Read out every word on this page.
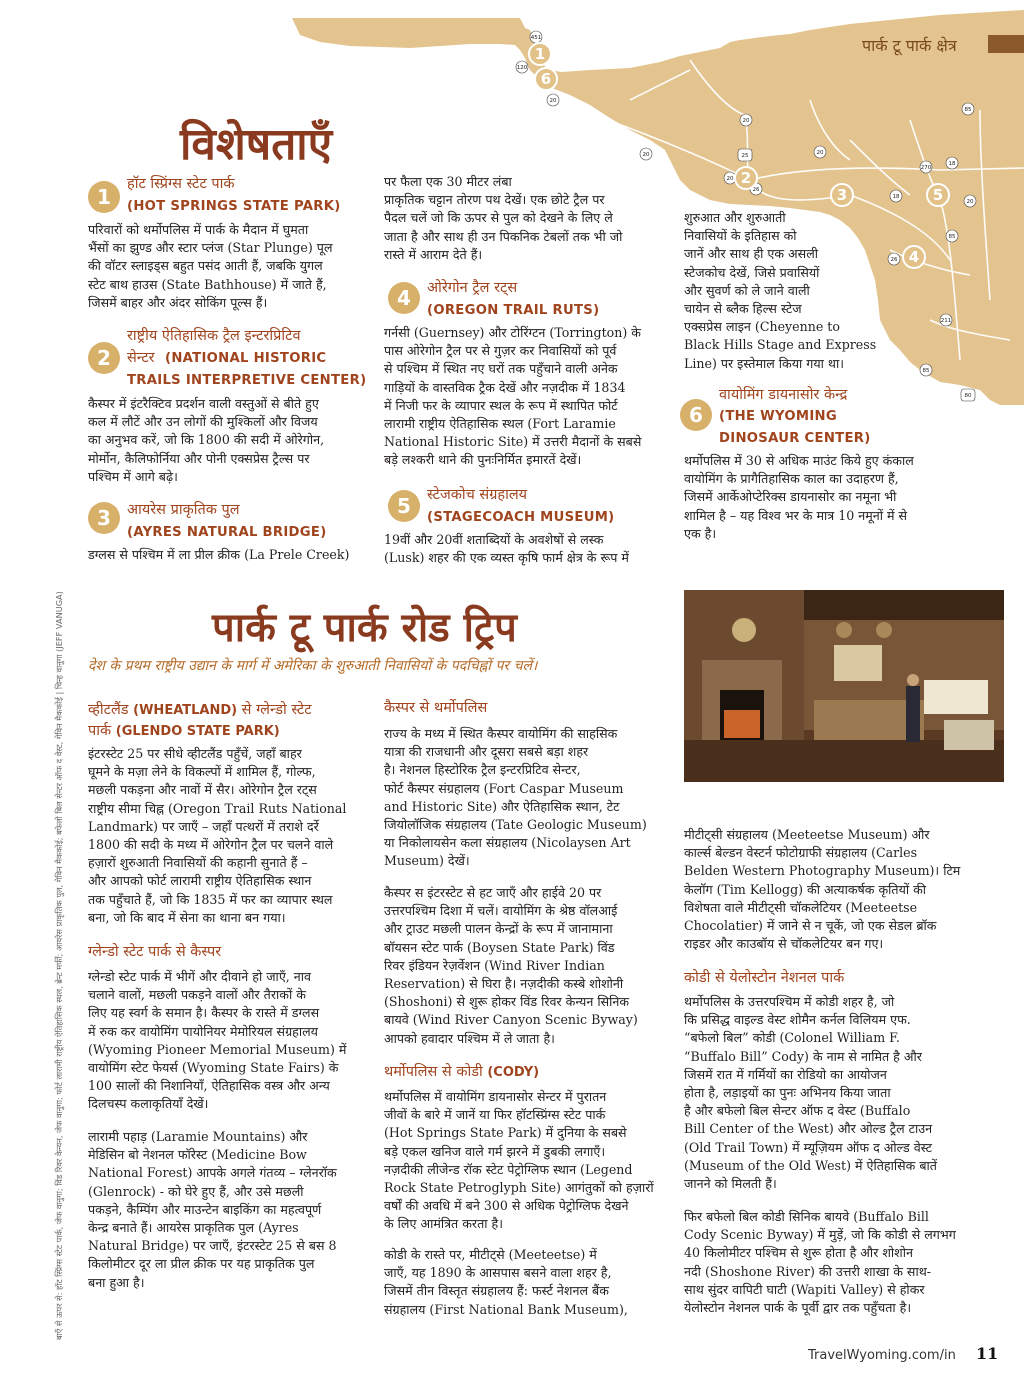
451
120
20
25
20
20
85
270
18
18
20
85
26
85
80
211
26
20
20
1
6
2
3	5
4
पार्क टू पार्क क्षेत्र
विशेषताएँ
1
हॉट स्प्रिंग्स स्टेट पार्क
(HOT SPRINGS STATE PARK)
परिवारों को थर्मोपलिस में पार्क के मैदान में घुमता
भैंसों का झुण्ड और स्टार प्लंज (Star Plunge) पूल
की वॉटर स्लाइड्स बहुत पसंद आती हैं, जबकि युगल
स्टेट बाथ हाउस (State Bathhouse) में जाते हैं,
जिसमें बाहर और अंदर सोकिंग पूल्स हैं।
2
राष्ट्रीय ऐतिहासिक ट्रैल इन्टरप्रिटिव
सेन्टर (NATIONAL HISTORIC
TRAILS INTERPRETIVE CENTER)
कैस्पर में इंटरैक्टिव प्रदर्शन वाली वस्तुओं से बीते हुए
कल में लौटें और उन लोगों की मुश्किलों और विजय
का अनुभव करें, जो कि 1800 की सदी में ओरेगोन,
मोर्मोन, कैलिफोर्निया और पोनी एक्सप्रेस ट्रैल्स पर
पश्चिम में आगे बढ़े।
3	आयरेस प्राकृतिक पुल
(AYRES NATURAL BRIDGE)
डग्लस से पश्चिम में ला प्रील क्रीक (La Prele Creek)
पर फैला एक 30 मीटर लंबा
प्राकृतिक चट्टान तोरण पथ देखें। एक छोटे ट्रैल पर
पैदल चलें जो कि ऊपर से पुल को देखने के लिए ले
जाता है और साथ ही उन पिकनिक टेबलों तक भी जो
रास्ते में आराम देते हैं।
4	ओरेगोन ट्रैल रट्स
(OREGON TRAIL RUTS)
गर्नसी (Guernsey) और टोरिंग्टन (Torrington) के
पास ओरेगोन ट्रैल पर से गुज़र कर निवासियों को पूर्व
से पश्चिम में स्थित नए घरों तक पहुँचाने वाली अनेक
गाड़ियों के वास्तविक ट्रैक देखें और नज़दीक में 1834
में निजी फर के व्यापार स्थल के रूप में स्थापित फोर्ट
लारामी राष्ट्रीय ऐतिहासिक स्थल (Fort Laramie
National Historic Site) में उत्तरी मैदानों के सबसे
बड़े लश्करी थाने की पुनःनिर्मित इमारतें देखें।
5	स्टेजकोच संग्रहालय
(STAGECOACH MUSEUM)
19वीं और 20वीं शताब्दियों के अवशेषों से लस्क
(Lusk) शहर की एक व्यस्त कृषि फार्म क्षेत्र के रूप में
शुरुआत और शुरुआती
निवासियों के इतिहास को
जानें और साथ ही एक असली
स्टेजकोच देखें, जिसे प्रवासियों
और सुवर्ण को ले जाने वाली
चायेन से ब्लैक हिल्स स्टेज
एक्सप्रेस लाइन (Cheyenne to
Black Hills Stage and Express
Line) पर इस्तेमाल किया गया था।
6
वायोमिंग डायनासोर केन्द्र
(THE WYOMING
DINOSAUR CENTER)
थर्मोपलिस में 30 से अधिक माउंट किये हुए कंकाल
वायोमिंग के प्रागैतिहासिक काल का उदाहरण हैं,
जिसमें आर्केओप्टेरिक्स डायनासोर का नमूना भी
शामिल है – यह विश्व भर के मात्र 10 नमूनों में से
एक है।
पार्क टू पार्क रोड ट्रिप
देश के प्रथम राष्ट्रीय उद्यान के मार्ग में अमेरिका के शुरुआती निवासियों के पदचिह्नों पर चलें।
व्हीटलैंड (WHEATLAND) से ग्लेन्डो स्टेट
पार्क (GLENDO STATE PARK)
इंटरस्टेट 25 पर सीधे व्हीटलैंड पहुँचें, जहाँ बाहर
घूमने के मज़ा लेने के विकल्पों में शामिल हैं, गोल्फ,
मछली पकड़ना और नावों में सैर। ओरेगोन ट्रैल रट्स
राष्ट्रीय सीमा चिह्न (Oregon Trail Ruts National
Landmark) पर जाएँ – जहाँ पत्थरों में तराशे दर्रे
1800 की सदी के मध्य में ओरेगोन ट्रैल पर चलने वाले
हज़ारों शुरुआती निवासियों की कहानी सुनाते हैं –
और आपको फोर्ट लारामी राष्ट्रीय ऐतिहासिक स्थान
तक पहुँचाते हैं, जो कि 1835 में फर का व्यापार स्थल
बना, जो कि बाद में सेना का थाना बन गया।
ग्लेन्डो स्टेट पार्क से कैस्पर
ग्लेन्डो स्टेट पार्क में भीगें और दीवाने हो जाएँ, नाव
चलाने वालों, मछली पकड़ने वालों और तैराकों के
लिए यह स्वर्ग के समान है। कैस्पर के रास्ते में डग्लस
में रुक कर वायोमिंग पायोनियर मेमोरियल संग्रहालय
(Wyoming Pioneer Memorial Museum) में
वायोमिंग स्टेट फेयर्स (Wyoming State Fairs) के
100 सालों की निशानियाँ, ऐतिहासिक वस्त्र और अन्य
दिलचस्प कलाकृतियाँ देखें।
लारामी पहाड़ (Laramie Mountains) और
मेडिसिन बो नेशनल फॉरेस्ट (Medicine Bow
National Forest) आपके अगले गंतव्य – ग्लेनरॉक
(Glenrock) - को घेरे हुए हैं, और उसे मछली
पकड़ने, कैम्पिंग और माउन्टेन बाइकिंग का महत्वपूर्ण
केन्द्र बनाते हैं। आयरेस प्राकृतिक पुल (Ayres
Natural Bridge) पर जाएँ, इंटरस्टेट 25 से बस 8
किलोमीटर दूर ला प्रील क्रीक पर यह प्राकृतिक पुल
बना हुआ है।
कैस्पर से थर्मोपलिस
राज्य के मध्य में स्थित कैस्पर वायोमिंग की साहसिक
यात्रा की राजधानी और दूसरा सबसे बड़ा शहर
है। नेशनल हिस्टोरिक ट्रैल इन्टरप्रिटिव सेन्टर,
फोर्ट कैस्पर संग्रहालय (Fort Caspar Museum
and Historic Site) और ऐतिहासिक स्थान, टेट
जियोलॉजिक संग्रहालय (Tate Geologic Museum)
या निकोलायसेन कला संग्रहालय (Nicolaysen Art
Museum) देखें।
कैस्पर स इंटरस्टेट से हट जाएँ और हाईवे 20 पर
उत्तरपश्चिम दिशा में चलें। वायोमिंग के श्रेष्ठ वॉलआई
और ट्राउट मछली पालन केन्द्रों के रूप में जानामाना
बॉयसन स्टेट पार्क (Boysen State Park) विंड
रिवर इंडियन रेज़र्वेशन (Wind River Indian
Reservation) से घिरा है। नज़दीकी कस्बे शोशोनी
(Shoshoni) से शुरू होकर विंड रिवर केन्यन सिनिक
बायवे (Wind River Canyon Scenic Byway)
आपको हवादार पश्चिम में ले जाता है।
थर्मोपलिस से कोडी (CODY)
थर्मोपलिस में वायोमिंग डायनासोर सेन्टर में पुरातन
जीवों के बारे में जानें या फिर हॉटस्प्रिंग्स स्टेट पार्क
(Hot Springs State Park) में दुनिया के सबसे
बड़े एकल खनिज वाले गर्म झरने में डुबकी लगाएँ।
नज़दीकी लीजेन्ड रॉक स्टेट पेट्रोग्लिफ स्थान (Legend
Rock State Petroglyph Site) आगंतुकों को हज़ारों
वर्षों की अवधि में बने 300 से अधिक पेट्रोग्लिफ देखने
के लिए आमंत्रित करता है।
कोडी के रास्ते पर, मीटीट्से (Meeteetse) में
जाएँ, यह 1890 के आसपास बसने वाला शहर है,
जिसमें तीन विस्तृत संग्रहालय हैं: फर्स्ट नेशनल बैंक
संग्रहालय (First National Bank Museum),
मीटीट्सी संग्रहालय (Meeteetse Museum) और
कार्ल्स बेल्डन वेस्टर्न फोटोग्राफी संग्रहालय (Carles
Belden Western Photography Museum)। टिम
केलॉग (Tim Kellogg) की अत्याकर्षक कृतियों की
विशेषता वाले मीटीट्सी चॉकलेटियर (Meeteetse
Chocolatier) में जाने से न चूकें, जो एक सेडल ब्रॉक
राइडर और काउबॉय से चॉकलेटियर बन गए।
कोडी से येलोस्टोन नेशनल पार्क
थर्मोपलिस के उत्तरपश्चिम में कोडी शहर है, जो
कि प्रसिद्ध वाइल्ड वेस्ट शोमैन कर्नल विलियम एफ.
“बफेलो बिल” कोडी (Colonel William F.
“Buffalo Bill” Cody) के नाम से नामित है और
जिसमें रात में गर्मियों का रोडियो का आयोजन
होता है, लड़ाइयों का पुनः अभिनय किया जाता
है और बफेलो बिल सेन्टर ऑफ द वेस्ट (Buffalo
Bill Center of the West) और ओल्ड ट्रैल टाउन
(Old Trail Town) में म्यूज़ियम ऑफ द ओल्ड वेस्ट
(Museum of the Old West) में ऐतिहासिक बातें
जानने को मिलती हैं।
फिर बफेलो बिल कोडी सिनिक बायवे (Buffalo Bill
Cody Scenic Byway) में मुड़ें, जो कि कोडी से लगभग
40 किलोमीटर पश्चिम से शुरू होता है और शोशोन
नदी (Shoshone River) की उत्तरी शाखा के साथ-
साथ सुंदर वापिटी घाटी (Wapiti Valley) से होकर
येलोस्टोन नेशनल पार्क के पूर्वी द्वार तक पहुँचता है।
बाएँ से ऊपर से: हॉट स्प्रिंग्स स्टेट पार्क, जेफ वानुगा; विंड रिवर केन्यन, जेफ वानुगा; फोर्ट लारामी राष्ट्रीय ऐतिहासिक स्थल, ब्रेन्ट मर्फी; आयरेस प्राकृतिक पुल, गेविन मैककोई; बफेलो बिल सेन्टर ऑफ द वेस्ट, गेविन मैककोई | चिन्ह वानुगा (JEFF VANUGA)
TravelWyoming.com/in 11
